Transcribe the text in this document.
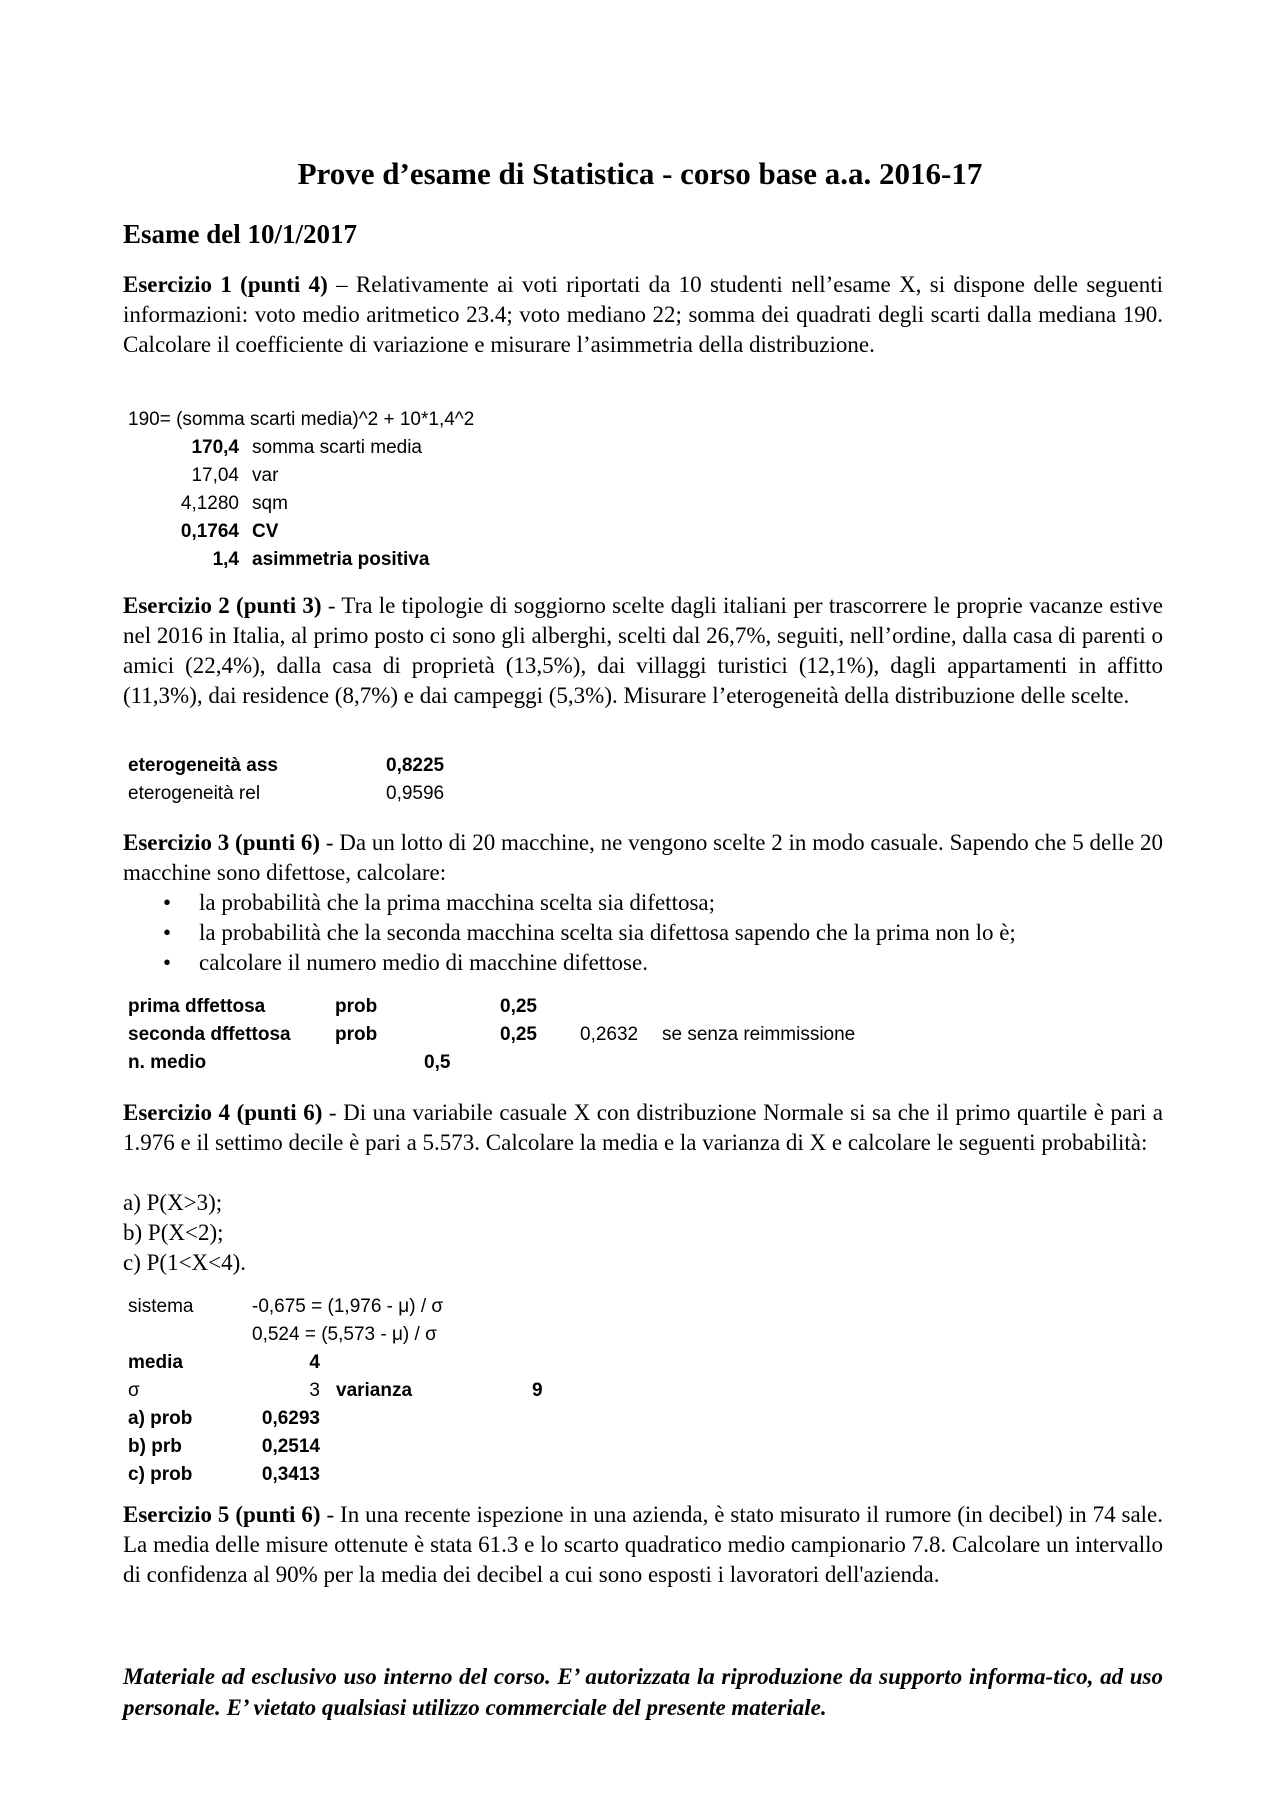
Prove d’esame di Statistica - corso base a.a. 2016-17
Esame del 10/1/2017
Esercizio 1 (punti 4) – Relativamente ai voti riportati da 10 studenti nell’esame X, si dispone delle seguenti informazioni: voto medio aritmetico 23.4; voto mediano 22; somma dei quadrati degli scarti dalla mediana 190. Calcolare il coefficiente di variazione e misurare l’asimmetria della distribuzione.
190= (somma scarti media)^2 + 10*1,4^2
170,4 somma scarti media
17,04 var
4,1280 sqm
0,1764 CV
1,4 asimmetria positiva
Esercizio 2 (punti 3) - Tra le tipologie di soggiorno scelte dagli italiani per trascorrere le proprie vacanze estive nel 2016 in Italia, al primo posto ci sono gli alberghi, scelti dal 26,7%, seguiti, nell’ordine, dalla casa di parenti o amici (22,4%), dalla casa di proprietà (13,5%), dai villaggi turistici (12,1%), dagli appartamenti in affitto (11,3%), dai residence (8,7%) e dai campeggi (5,3%). Misurare l’eterogeneità della distribuzione delle scelte.
eterogeneità ass	0,8225
eterogeneità rel	0,9596
Esercizio 3 (punti 6) - Da un lotto di 20 macchine, ne vengono scelte 2 in modo casuale. Sapendo che 5 delle 20 macchine sono difettose, calcolare:
• la probabilità che la prima macchina scelta sia difettosa;
• la probabilità che la seconda macchina scelta sia difettosa sapendo che la prima non lo è;
• calcolare il numero medio di macchine difettose.
prima dffettosa	prob	0,25
seconda dffettosa prob	0,25 0,2632 se senza reimmissione
n. medio	0,5
Esercizio 4 (punti 6) - Di una variabile casuale X con distribuzione Normale si sa che il primo quartile è pari a 1.976 e il settimo decile è pari a 5.573. Calcolare la media e la varianza di X e calcolare le seguenti probabilità:
a) P(X>3);
b) P(X<2);
c) P(1<X<4).
sistema	-0,675 = (1,976 - μ) / σ
0,524 = (5,573 - μ) / σ
media	4
σ	3 varianza	9
a) prob	0,6293
b) prb	0,2514
c) prob	0,3413
Esercizio 5 (punti 6) - In una recente ispezione in una azienda, è stato misurato il rumore (in decibel) in 74 sale. La media delle misure ottenute è stata 61.3 e lo scarto quadratico medio campionario 7.8. Calcolare un intervallo di confidenza al 90% per la media dei decibel a cui sono esposti i lavoratori dell'azienda.
Materiale ad esclusivo uso interno del corso. E’ autorizzata la riproduzione da supporto informa-tico, ad uso personale. E’ vietato qualsiasi utilizzo commerciale del presente materiale.
